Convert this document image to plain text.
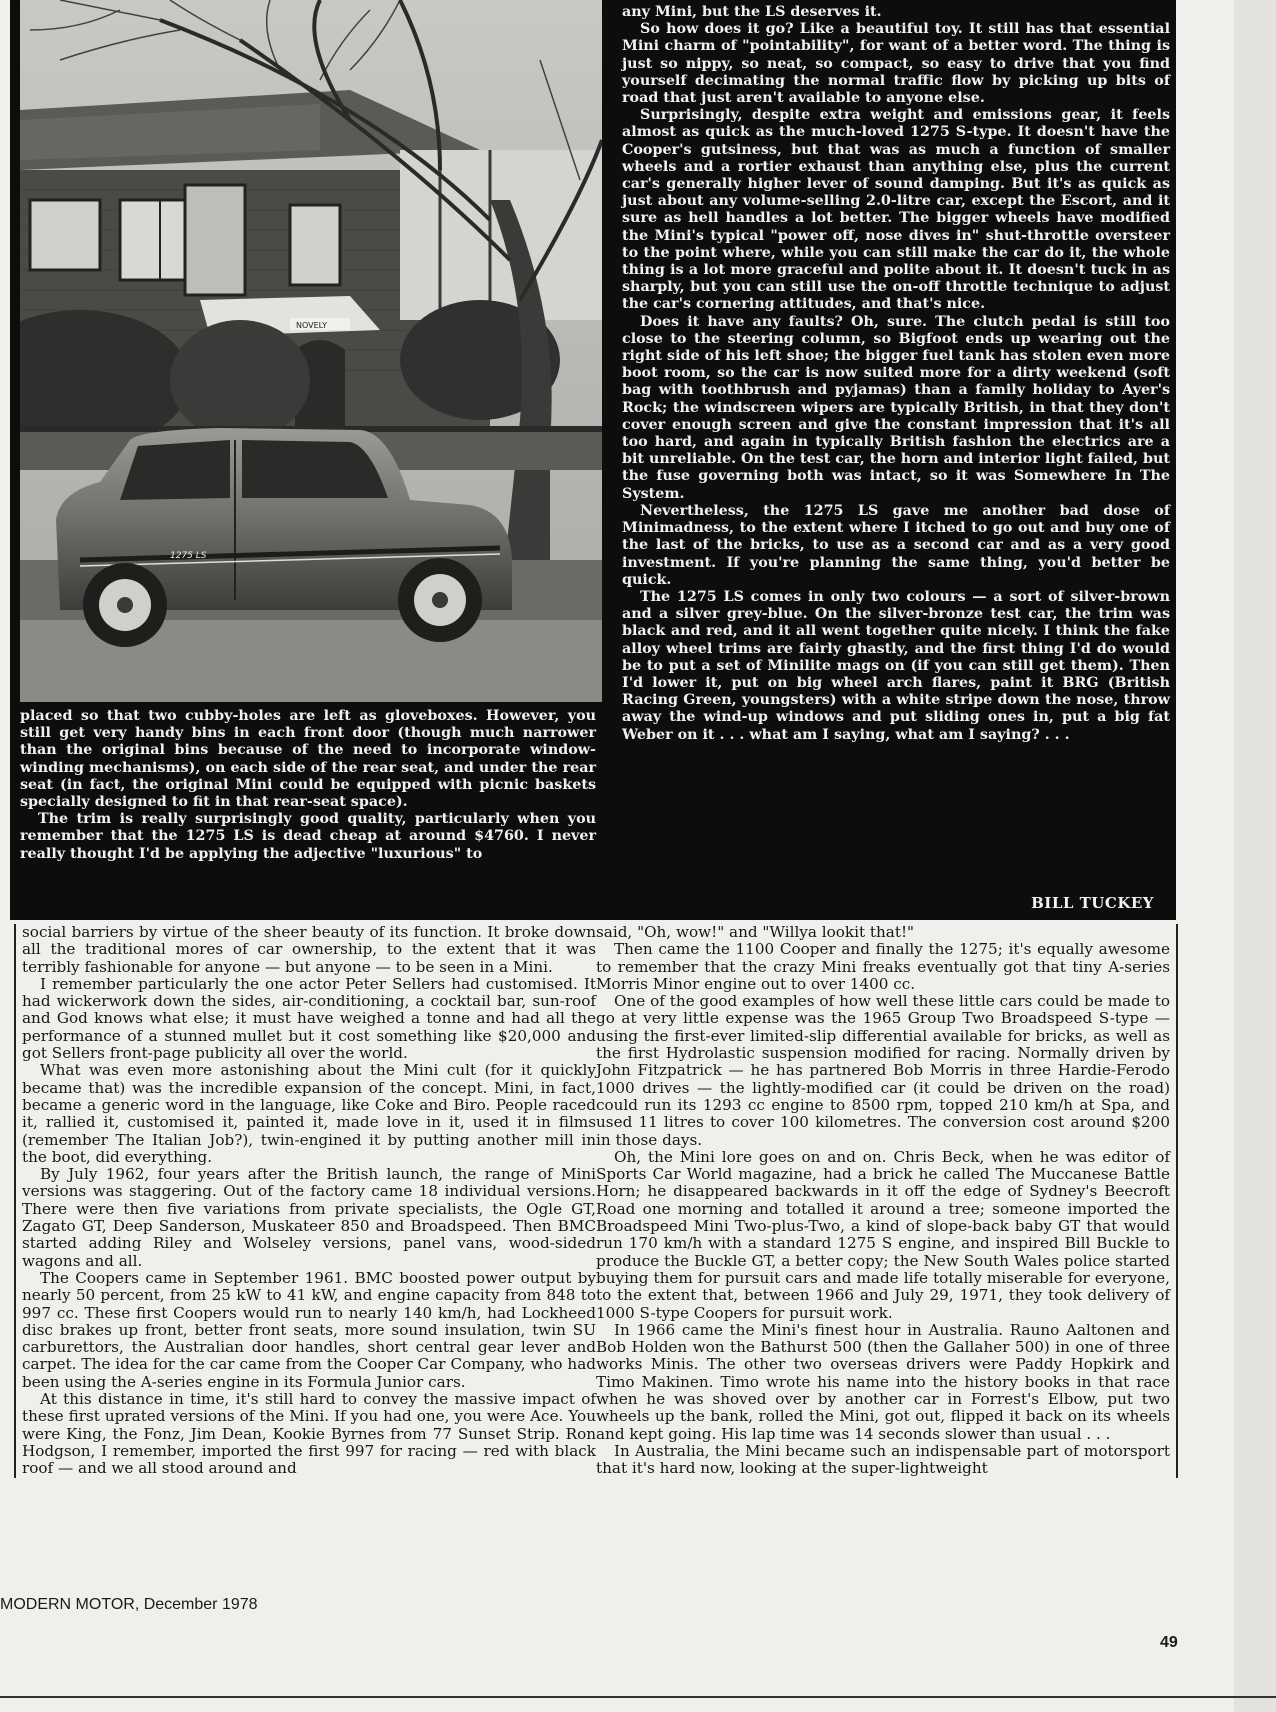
NOVELY
1275 LS

any Mini, but the LS deserves it.

So how does it go? Like a beautiful toy. It still has that essential Mini charm of "pointability", for want of a better word. The thing is just so nippy, so neat, so compact, so easy to drive that you find yourself decimating the normal traffic flow by picking up bits of road that just aren't available to anyone else.

Surprisingly, despite extra weight and emissions gear, it feels almost as quick as the much-loved 1275 S-type. It doesn't have the Cooper's gutsiness, but that was as much a function of smaller wheels and a rortier exhaust than anything else, plus the current car's generally higher lever of sound damping. But it's as quick as just about any volume-selling 2.0-litre car, except the Escort, and it sure as hell handles a lot better. The bigger wheels have modified the Mini's typical "power off, nose dives in" shut-throttle oversteer to the point where, while you can still make the car do it, the whole thing is a lot more graceful and polite about it. It doesn't tuck in as sharply, but you can still use the on-off throttle technique to adjust the car's cornering attitudes, and that's nice.

Does it have any faults? Oh, sure. The clutch pedal is still too close to the steering column, so Bigfoot ends up wearing out the right side of his left shoe; the bigger fuel tank has stolen even more boot room, so the car is now suited more for a dirty weekend (soft bag with toothbrush and pyjamas) than a family holiday to Ayer's Rock; the windscreen wipers are typically British, in that they don't cover enough screen and give the constant impression that it's all too hard, and again in typically British fashion the electrics are a bit unreliable. On the test car, the horn and interior light failed, but the fuse governing both was intact, so it was Somewhere In The System.

Nevertheless, the 1275 LS gave me another bad dose of Minimadness, to the extent where I itched to go out and buy one of the last of the bricks, to use as a second car and as a very good investment. If you're planning the same thing, you'd better be quick.

The 1275 LS comes in only two colours — a sort of silver-brown and a silver grey-blue. On the silver-bronze test car, the trim was black and red, and it all went together quite nicely. I think the fake alloy wheel trims are fairly ghastly, and the first thing I'd do would be to put a set of Minilite mags on (if you can still get them). Then I'd lower it, put on big wheel arch flares, paint it BRG (British Racing Green, youngsters) with a white stripe down the nose, throw away the wind-up windows and put sliding ones in, put a big fat Weber on it . . . what am I saying, what am I saying? . . .

placed so that two cubby-holes are left as gloveboxes. However, you still get very handy bins in each front door (though much narrower than the original bins because of the need to incorporate window-winding mechanisms), on each side of the rear seat, and under the rear seat (in fact, the original Mini could be equipped with picnic baskets specially designed to fit in that rear-seat space).

The trim is really surprisingly good quality, particularly when you remember that the 1275 LS is dead cheap at around $4760. I never really thought I'd be applying the adjective "luxurious" to

BILL TUCKEY

social barriers by virtue of the sheer beauty of its function. It broke down all the traditional mores of car ownership, to the extent that it was terribly fashionable for anyone — but anyone — to be seen in a Mini.

I remember particularly the one actor Peter Sellers had customised. It had wickerwork down the sides, air-conditioning, a cocktail bar, sun-roof and God knows what else; it must have weighed a tonne and had all the performance of a stunned mullet but it cost something like $20,000 and got Sellers front-page publicity all over the world.

What was even more astonishing about the Mini cult (for it quickly became that) was the incredible expansion of the concept. Mini, in fact, became a generic word in the language, like Coke and Biro. People raced it, rallied it, customised it, painted it, made love in it, used it in films (remember The Italian Job?), twin-engined it by putting another mill in the boot, did everything.

By July 1962, four years after the British launch, the range of Mini versions was staggering. Out of the factory came 18 individual versions. There were then five variations from private specialists, the Ogle GT, Zagato GT, Deep Sanderson, Muskateer 850 and Broadspeed. Then BMC started adding Riley and Wolseley versions, panel vans, wood-sided wagons and all.

The Coopers came in September 1961. BMC boosted power output by nearly 50 percent, from 25 kW to 41 kW, and engine capacity from 848 to 997 cc. These first Coopers would run to nearly 140 km/h, had Lockheed disc brakes up front, better front seats, more sound insulation, twin SU carburettors, the Australian door handles, short central gear lever and carpet. The idea for the car came from the Cooper Car Company, who had been using the A-series engine in its Formula Junior cars.

At this distance in time, it's still hard to convey the massive impact of these first uprated versions of the Mini. If you had one, you were Ace. You were King, the Fonz, Jim Dean, Kookie Byrnes from 77 Sunset Strip. Ron Hodgson, I remember, imported the first 997 for racing — red with black roof — and we all stood around and

said, "Oh, wow!" and "Willya lookit that!"

Then came the 1100 Cooper and finally the 1275; it's equally awesome to remember that the crazy Mini freaks eventually got that tiny A-series Morris Minor engine out to over 1400 cc.

One of the good examples of how well these little cars could be made to go at very little expense was the 1965 Group Two Broadspeed S-type — using the first-ever limited-slip differential available for bricks, as well as the first Hydrolastic suspension modified for racing. Normally driven by John Fitzpatrick — he has partnered Bob Morris in three Hardie-Ferodo 1000 drives — the lightly-modified car (it could be driven on the road) could run its 1293 cc engine to 8500 rpm, topped 210 km/h at Spa, and used 11 litres to cover 100 kilometres. The conversion cost around $200 in those days.

Oh, the Mini lore goes on and on. Chris Beck, when he was editor of Sports Car World magazine, had a brick he called The Muccanese Battle Horn; he disappeared backwards in it off the edge of Sydney's Beecroft Road one morning and totalled it around a tree; someone imported the Broadspeed Mini Two-plus-Two, a kind of slope-back baby GT that would run 170 km/h with a standard 1275 S engine, and inspired Bill Buckle to produce the Buckle GT, a better copy; the New South Wales police started buying them for pursuit cars and made life totally miserable for everyone, to the extent that, between 1966 and July 29, 1971, they took delivery of 1000 S-type Coopers for pursuit work.

In 1966 came the Mini's finest hour in Australia. Rauno Aaltonen and Bob Holden won the Bathurst 500 (then the Gallaher 500) in one of three works Minis. The other two overseas drivers were Paddy Hopkirk and Timo Makinen. Timo wrote his name into the history books in that race when he was shoved over by another car in Forrest's Elbow, put two wheels up the bank, rolled the Mini, got out, flipped it back on its wheels and kept going. His lap time was 14 seconds slower than usual . . .

In Australia, the Mini became such an indispensable part of motorsport that it's hard now, looking at the super-lightweight

MODERN MOTOR, December 1978
49
